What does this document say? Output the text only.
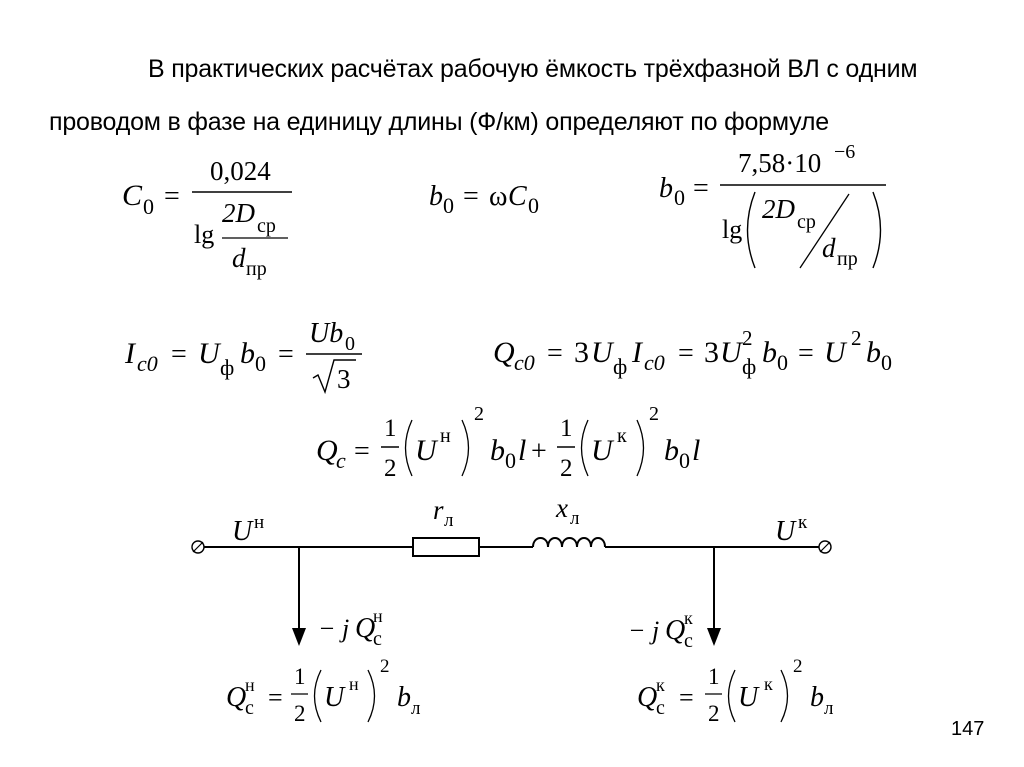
В практических расчётах рабочую ёмкость трёхфазной ВЛ с одним
проводом в фазе на единицу длины (Ф/км) определяют по формуле
C 0 =
0,024
lg
2D ср
d пр
b 0 = ω C 0
b 0 =
7,58·10 −6
lg
2D ср
d пр
I c0 = U ф b 0 =
Ub 0
3
Q c0 = 3 U ф I c0 = 3 U 2
ф b 0 = U 2 b 0
Q
c =
1
2
U н
2
b 0 l +
1
2
U к
2
b 0 l
U н	U к
r л	x л
− j Q
н
с	− j Q
к
с
Q
н
с =
1
2
U н
2
b л	Q
к
с =
1
2
U к
2
b л
147
